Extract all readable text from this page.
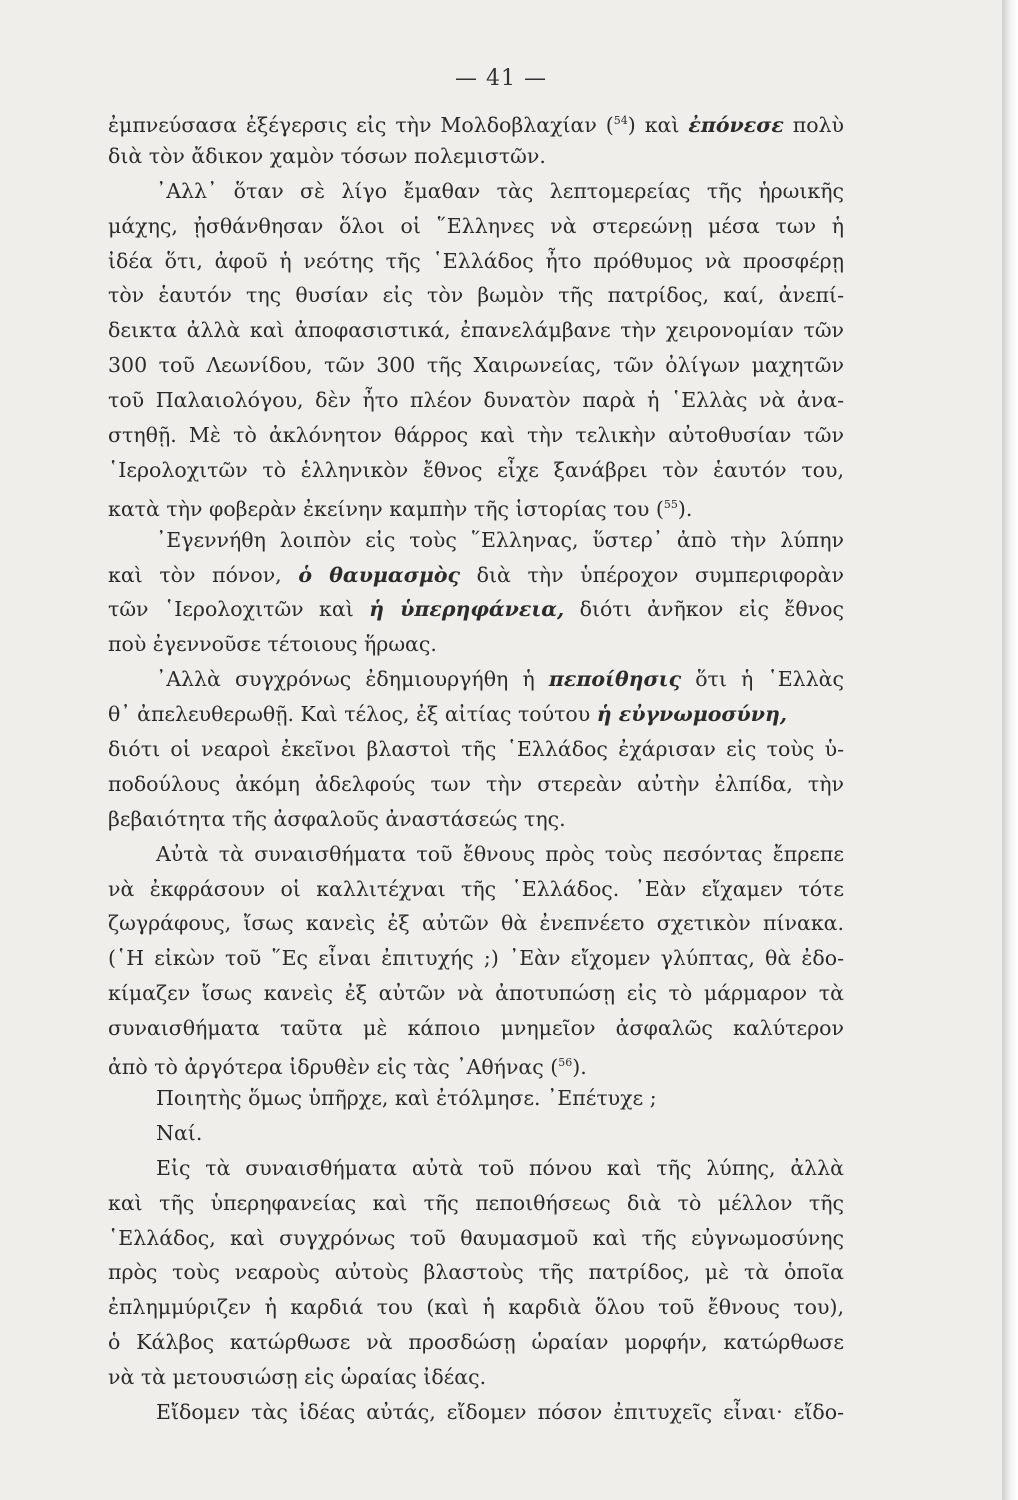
— 41 —
ἐμπνεύσασα ἐξέγερσις εἰς τὴν Μολδοβλαχίαν ($^{54}$) καὶ ἐπόνεσε πολὺ
διὰ τὸν ἄδικον χαμὸν τόσων πολεμιστῶν.
᾿Αλλ᾿ ὅταν σὲ λίγο ἔμαθαν τὰς λεπτομερείας τῆς ἡρωικῆς
μάχης, ᾐσθάνθησαν ὅλοι οἱ ῞Ελληνες νὰ στερεώνῃ μέσα των ἡ
ἰδέα ὅτι, ἀφοῦ ἡ νεότης τῆς ῾Ελλάδος ἦτο πρόθυμος νὰ προσφέρῃ
τὸν ἑαυτόν της θυσίαν εἰς τὸν βωμὸν τῆς πατρίδος, καί, ἀνεπί-
δεικτα ἀλλὰ καὶ ἀποφασιστικά, ἐπανελάμβανε τὴν χειρονομίαν τῶν
300 τοῦ Λεωνίδου, τῶν 300 τῆς Χαιρωνείας, τῶν ὀλίγων μαχητῶν
τοῦ Παλαιολόγου, δὲν ἦτο πλέον δυνατὸν παρὰ ἡ ῾Ελλὰς νὰ ἀνα-
στηθῇ. Μὲ τὸ ἀκλόνητον θάρρος καὶ τὴν τελικὴν αὐτοθυσίαν τῶν
῾Ιερολοχιτῶν τὸ ἑλληνικὸν ἔθνος εἶχε ξανάβρει τὸν ἑαυτόν του,
κατὰ τὴν φοβερὰν ἐκείνην καμπὴν τῆς ἱστορίας του ($^{55}$).
᾿Εγεννήθη λοιπὸν εἰς τοὺς ῞Ελληνας, ὕστερ᾿ ἀπὸ τὴν λύπην
καὶ τὸν πόνον, ὁ θαυμασμὸς διὰ τὴν ὑπέροχον συμπεριφορὰν
τῶν ῾Ιερολοχιτῶν καὶ ἡ ὑπερηφάνεια, διότι ἀνῆκον εἰς ἔθνος
ποὺ ἐγεννοῦσε τέτοιους ἥρωας.
᾿Αλλὰ συγχρόνως ἐδημιουργήθη ἡ πεποίθησις ὅτι ἡ ῾Ελλὰς
θ᾿ ἀπελευθερωθῇ. Καὶ τέλος, ἐξ αἰτίας τούτου ἡ εὐγνωμοσύνη,
διότι οἱ νεαροὶ ἐκεῖνοι βλαστοὶ τῆς ῾Ελλάδος ἐχάρισαν εἰς τοὺς ὑ-
ποδούλους ἀκόμη ἀδελφούς των τὴν στερεὰν αὐτὴν ἐλπίδα, τὴν
βεβαιότητα τῆς ἀσφαλοῦς ἀναστάσεώς της.
Αὐτὰ τὰ συναισθήματα τοῦ ἔθνους πρὸς τοὺς πεσόντας ἔπρεπε
νὰ ἐκφράσουν οἱ καλλιτέχναι τῆς ῾Ελλάδος. ᾿Εὰν εἴχαμεν τότε
ζωγράφους, ἴσως κανεὶς ἐξ αὐτῶν θὰ ἐνεπνέετο σχετικὸν πίνακα.
(῾Η εἰκὼν τοῦ ῞Ες εἶναι ἐπιτυχής ;) ᾿Εὰν εἴχομεν γλύπτας, θὰ ἐδο-
κίμαζεν ἴσως κανεὶς ἐξ αὐτῶν νὰ ἀποτυπώσῃ εἰς τὸ μάρμαρον τὰ
συναισθήματα ταῦτα μὲ κάποιο μνημεῖον ἀσφαλῶς καλύτερον
ἀπὸ τὸ ἀργότερα ἱδρυθὲν εἰς τὰς ᾿Αθήνας ($^{56}$).
Ποιητὴς ὅμως ὑπῆρχε, καὶ ἐτόλμησε. ᾿Επέτυχε ;
Ναί.
Εἰς τὰ συναισθήματα αὐτὰ τοῦ πόνου καὶ τῆς λύπης, ἀλλὰ
καὶ τῆς ὑπερηφανείας καὶ τῆς πεποιθήσεως διὰ τὸ μέλλον τῆς
῾Ελλάδος, καὶ συγχρόνως τοῦ θαυμασμοῦ καὶ τῆς εὐγνωμοσύνης
πρὸς τοὺς νεαροὺς αὐτοὺς βλαστοὺς τῆς πατρίδος, μὲ τὰ ὁποῖα
ἐπλημμύριζεν ἡ καρδιά του (καὶ ἡ καρδιὰ ὅλου τοῦ ἔθνους του),
ὁ Κάλβος κατώρθωσε νὰ προσδώσῃ ὡραίαν μορφήν, κατώρθωσε
νὰ τὰ μετουσιώσῃ εἰς ὡραίας ἰδέας.
Εἴδομεν τὰς ἰδέας αὐτάς, εἴδομεν πόσον ἐπιτυχεῖς εἶναι· εἴδο-
